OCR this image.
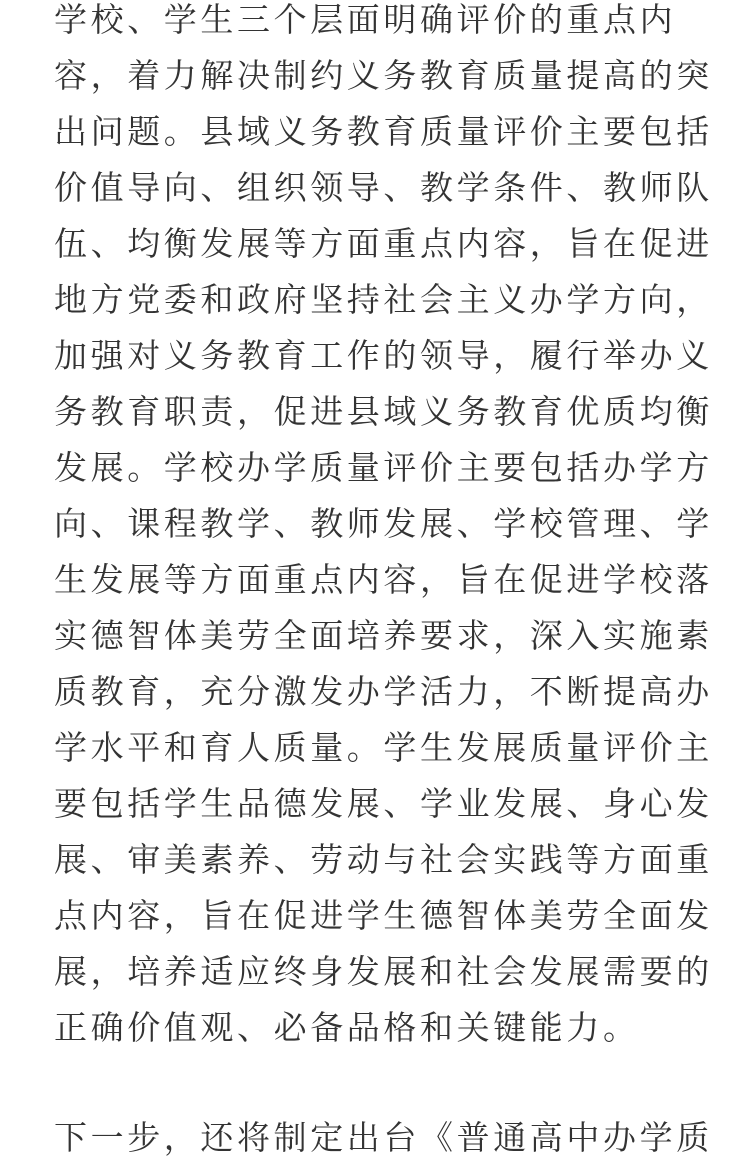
学校、学生三个层面明确评价的重点内
容，着力解决制约义务教育质量提高的突
出问题。县域义务教育质量评价主要包括
价值导向、组织领导、教学条件、教师队
伍、均衡发展等方面重点内容，旨在促进
地方党委和政府坚持社会主义办学方向，
加强对义务教育工作的领导，履行举办义
务教育职责，促进县域义务教育优质均衡
发展。学校办学质量评价主要包括办学方
向、课程教学、教师发展、学校管理、学
生发展等方面重点内容，旨在促进学校落
实德智体美劳全面培养要求，深入实施素
质教育，充分激发办学活力，不断提高办
学水平和育人质量。学生发展质量评价主
要包括学生品德发展、学业发展、身心发
展、审美素养、劳动与社会实践等方面重
点内容，旨在促进学生德智体美劳全面发
展，培养适应终身发展和社会发展需要的
正确价值观、必备品格和关键能力。
下一步，还将制定出台《普通高中办学质
